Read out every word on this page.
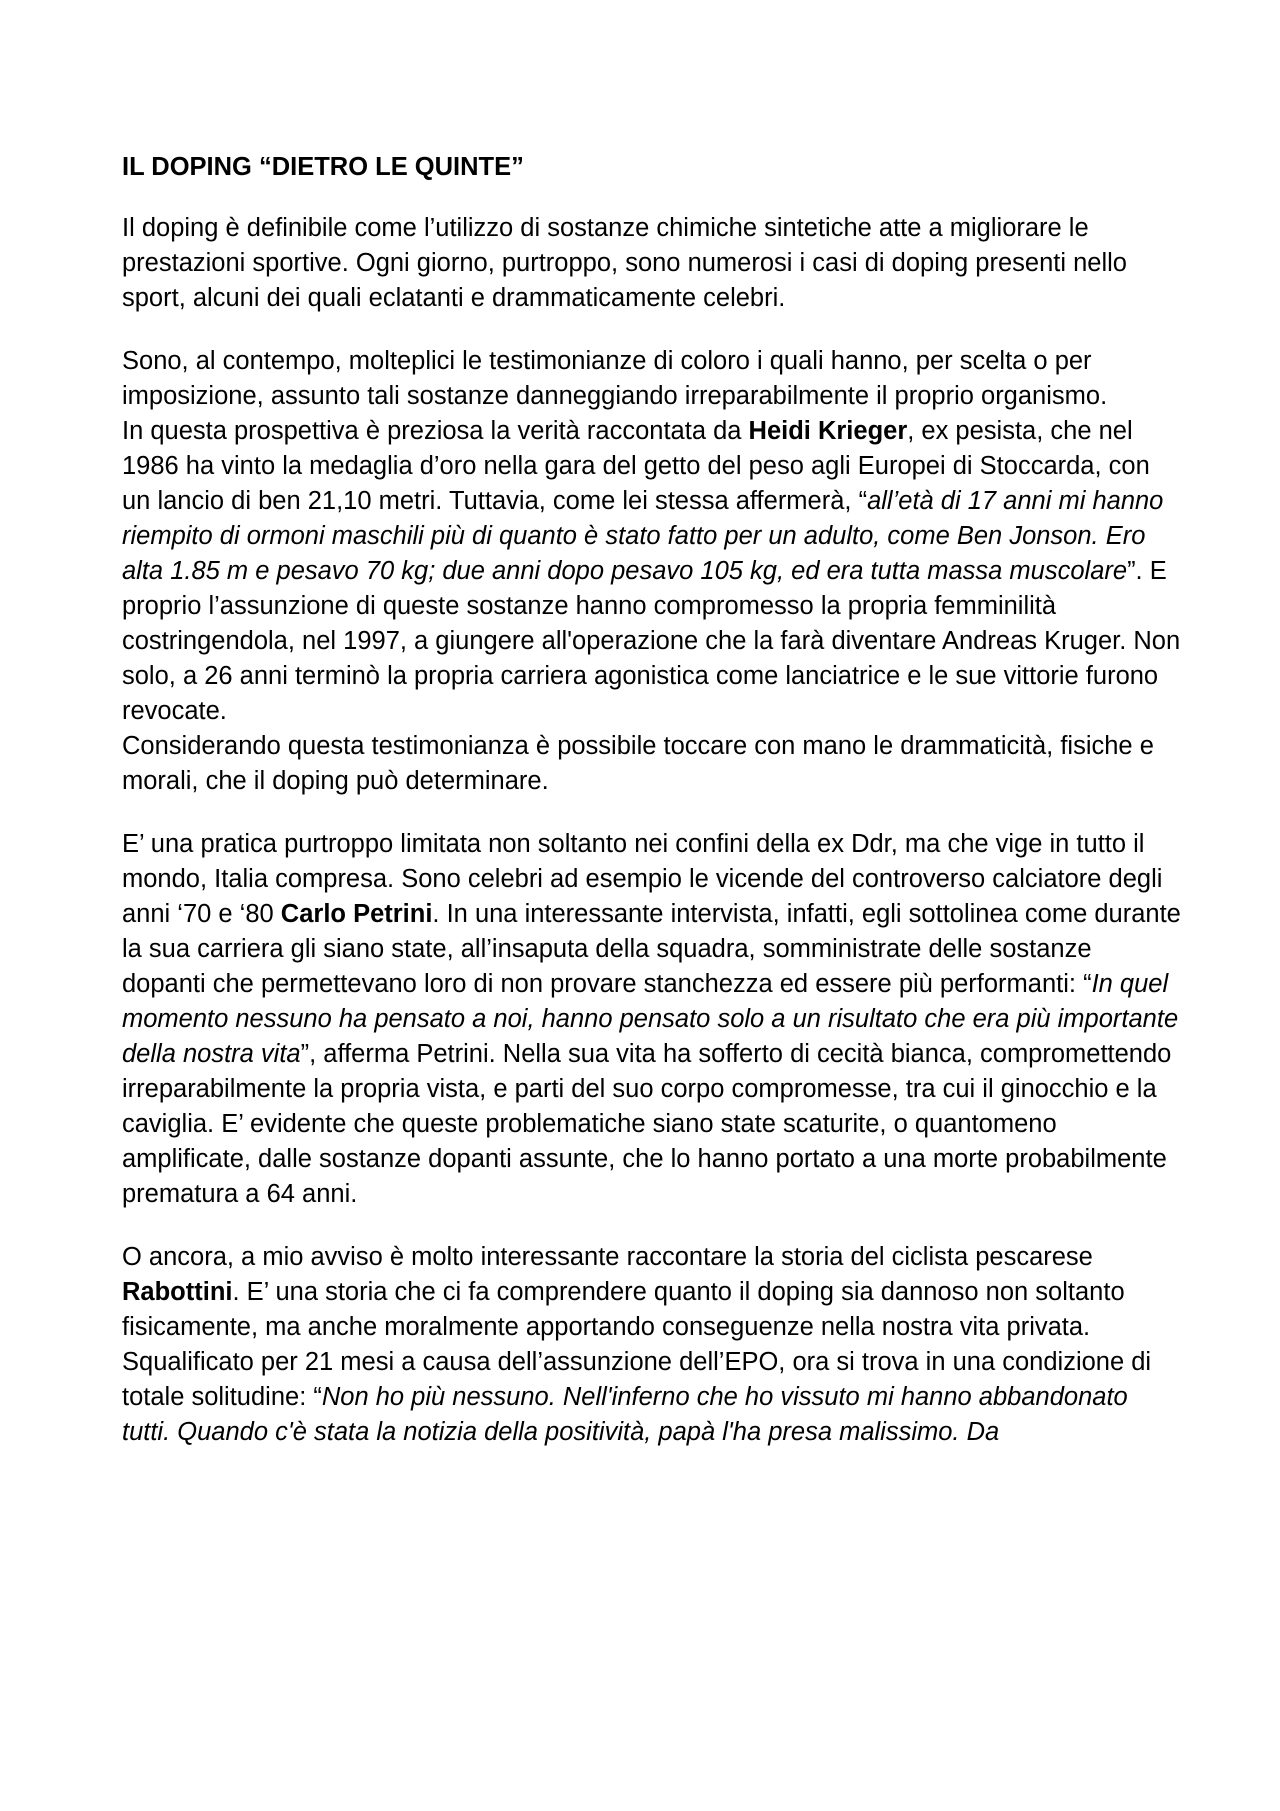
IL DOPING “DIETRO LE QUINTE”

Il doping è definibile come l’utilizzo di sostanze chimiche sintetiche atte a migliorare le prestazioni sportive. Ogni giorno, purtroppo, sono numerosi i casi di doping presenti nello sport, alcuni dei quali eclatanti e drammaticamente celebri.

Sono, al contempo, molteplici le testimonianze di coloro i quali hanno, per scelta o per imposizione, assunto tali sostanze danneggiando irreparabilmente il proprio organismo.

In questa prospettiva è preziosa la verità raccontata da Heidi Krieger, ex pesista, che nel 1986 ha vinto la medaglia d’oro nella gara del getto del peso agli Europei di Stoccarda, con un lancio di ben 21,10 metri. Tuttavia, come lei stessa affermerà, “all’età di 17 anni mi hanno riempito di ormoni maschili più di quanto è stato fatto per un adulto, come Ben Jonson. Ero alta 1.85 m e pesavo 70 kg; due anni dopo pesavo 105 kg, ed era tutta massa muscolare”. E proprio l’assunzione di queste sostanze hanno compromesso la propria femminilità costringendola, nel 1997, a giungere all'operazione che la farà diventare Andreas Kruger. Non solo, a 26 anni terminò la propria carriera agonistica come lanciatrice e le sue vittorie furono revocate.

Considerando questa testimonianza è possibile toccare con mano le drammaticità, fisiche e morali, che il doping può determinare.

E’ una pratica purtroppo limitata non soltanto nei confini della ex Ddr, ma che vige in tutto il mondo, Italia compresa. Sono celebri ad esempio le vicende del controverso calciatore degli anni ‘70 e ‘80 Carlo Petrini. In una interessante intervista, infatti, egli sottolinea come durante la sua carriera gli siano state, all’insaputa della squadra, somministrate delle sostanze dopanti che permettevano loro di non provare stanchezza ed essere più performanti: “In quel momento nessuno ha pensato a noi, hanno pensato solo a un risultato che era più importante della nostra vita”, afferma Petrini. Nella sua vita ha sofferto di cecità bianca, compromettendo irreparabilmente la propria vista, e parti del suo corpo compromesse, tra cui il ginocchio e la caviglia. E’ evidente che queste problematiche siano state scaturite, o quantomeno amplificate, dalle sostanze dopanti assunte, che lo hanno portato a una morte probabilmente prematura a 64 anni.

O ancora, a mio avviso è molto interessante raccontare la storia del ciclista pescarese Rabottini. E’ una storia che ci fa comprendere quanto il doping sia dannoso non soltanto fisicamente, ma anche moralmente apportando conseguenze nella nostra vita privata. Squalificato per 21 mesi a causa dell’assunzione dell’EPO, ora si trova in una condizione di totale solitudine: “Non ho più nessuno. Nell'inferno che ho vissuto mi hanno abbandonato tutti. Quando c'è stata la notizia della positività, papà l'ha presa malissimo. Da
